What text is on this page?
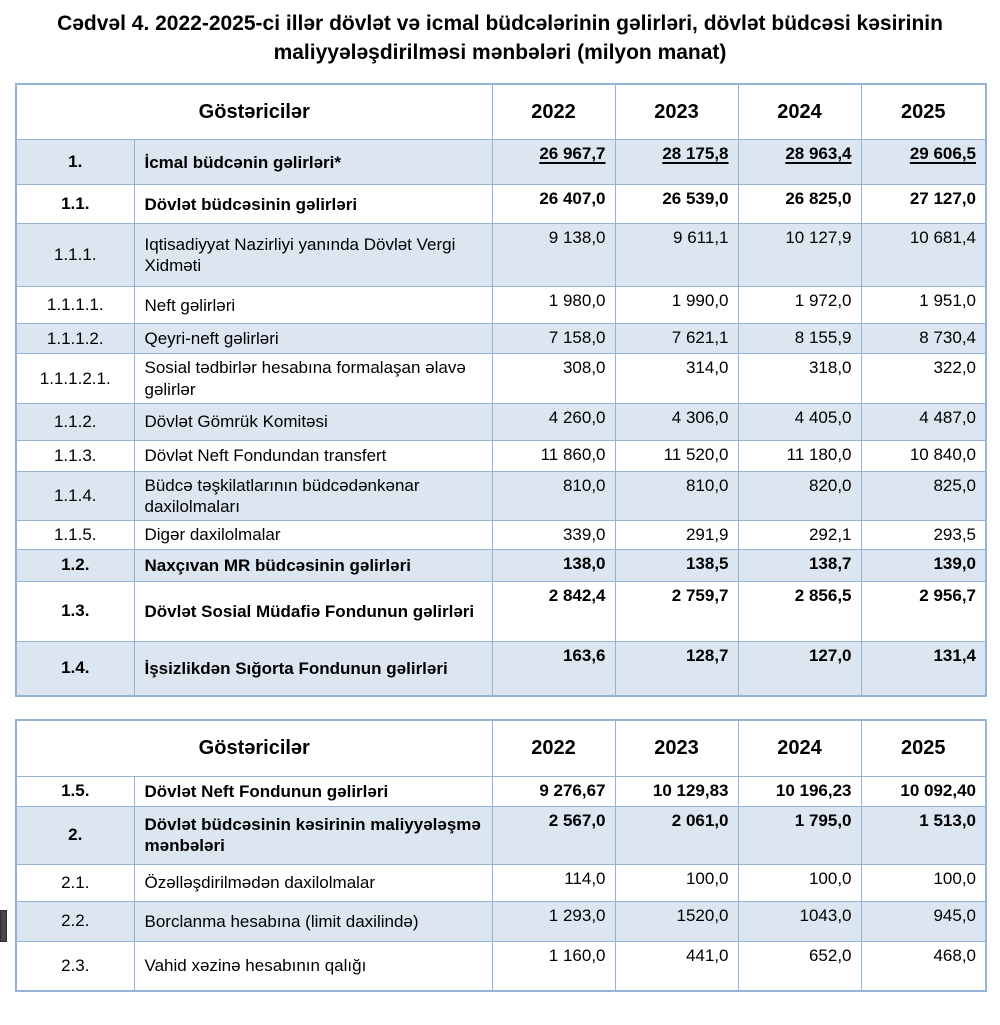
Cədvəl 4. 2022-2025-ci illər dövlət və icmal büdcələrinin gəlirləri, dövlət büdcəsi kəsirinin maliyyələşdirilməsi mənbələri (milyon manat)
Göstəricilər		2022	2023	2024	2025
1.	İcmal büdcənin gəlirləri*	26 967,7	28 175,8	28 963,4	29 606,5
1.1.	Dövlət büdcəsinin gəlirləri	26 407,0	26 539,0	26 825,0	27 127,0
1.1.1.	Iqtisadiyyat Nazirliyi yanında Dövlət Vergi Xidməti	9 138,0	9 611,1	10 127,9	10 681,4
1.1.1.1.	Neft gəlirləri	1 980,0	1 990,0	1 972,0	1 951,0
1.1.1.2.	Qeyri-neft gəlirləri	7 158,0	7 621,1	8 155,9	8 730,4
1.1.1.2.1.	Sosial tədbirlər hesabına formalaşan əlavə gəlirlər	308,0	314,0	318,0	322,0
1.1.2.	Dövlət Gömrük Komitəsi	4 260,0	4 306,0	4 405,0	4 487,0
1.1.3.	Dövlət Neft Fondundan transfert	11 860,0	11 520,0	11 180,0	10 840,0
1.1.4.	Büdcə təşkilatlarının büdcədənkənar daxilolmaları	810,0	810,0	820,0	825,0
1.1.5.	Digər daxilolmalar	339,0	291,9	292,1	293,5
1.2.	Naxçıvan MR büdcəsinin gəlirləri	138,0	138,5	138,7	139,0
1.3.	Dövlət Sosial Müdafiə Fondunun gəlirləri	2 842,4	2 759,7	2 856,5	2 956,7
1.4.	İşsizlikdən Sığorta Fondunun gəlirləri	163,6	128,7	127,0	131,4
Göstəricilər		2022	2023	2024	2025
1.5.	Dövlət Neft Fondunun gəlirləri	9 276,67	10 129,83	10 196,23	10 092,40
2.	Dövlət büdcəsinin kəsirinin maliyyələşmə mənbələri	2 567,0	2 061,0	1 795,0	1 513,0
2.1.	Özəlləşdirilmədən daxilolmalar	114,0	100,0	100,0	100,0
2.2.	Borclanma hesabına (limit daxilində)	1 293,0	1520,0	1043,0	945,0
2.3.	Vahid xəzinə hesabının qalığı	1 160,0	441,0	652,0	468,0
